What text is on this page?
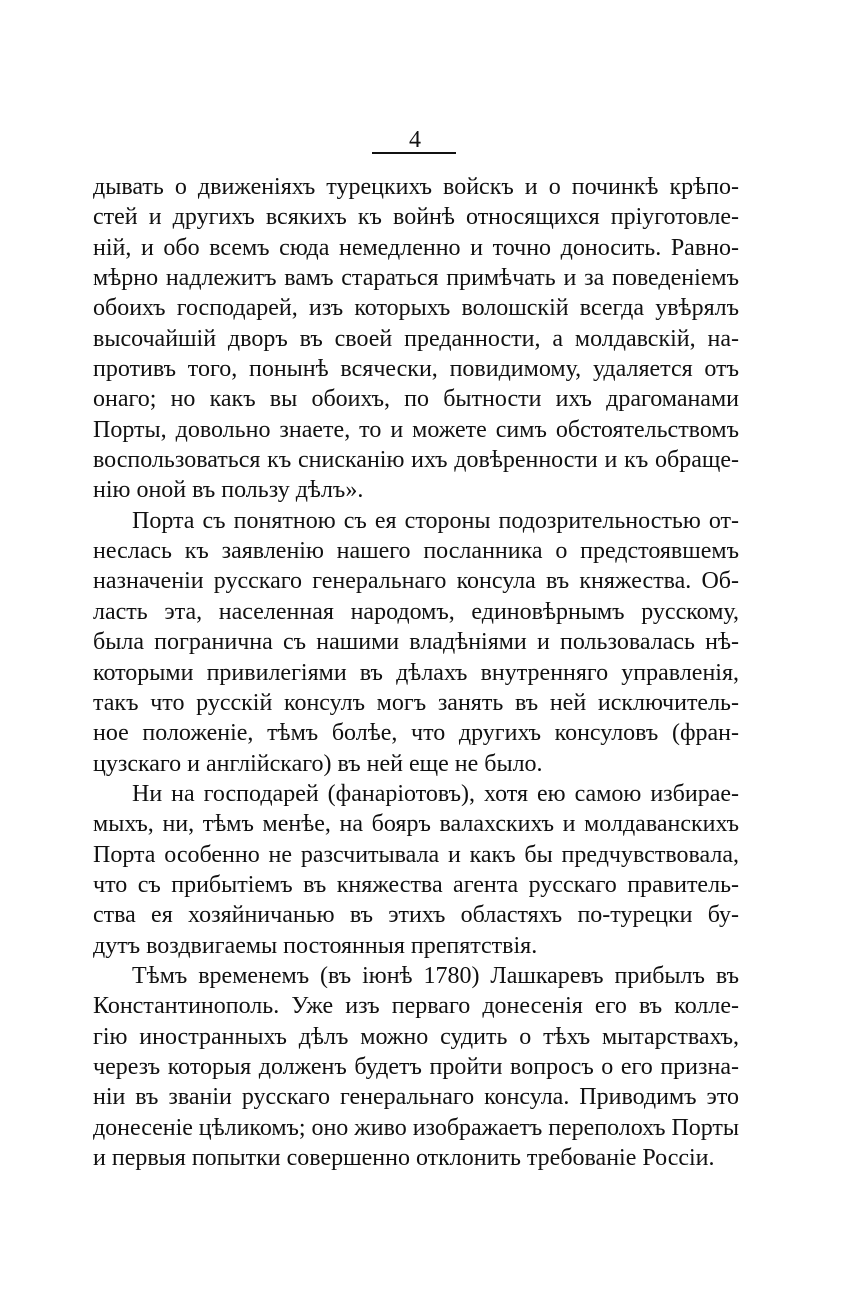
4
дывать о движенiяхъ турецкихъ войскъ и о починкѣ крѣпо-
стей и другихъ всякихъ къ войнѣ относящихся прiуготовле-
нiй, и обо всемъ сюда немедленно и точно доносить. Равно-
мѣрно надлежитъ вамъ стараться примѣчать и за поведенiемъ
обоихъ господарей, изъ которыхъ волошскiй всегда увѣрялъ
высочайшiй дворъ въ своей преданности, а молдавскiй, на-
противъ того, понынѣ всячески, повидимому, удаляется отъ
онаго; но какъ вы обоихъ, по бытности ихъ драгоманами
Порты, довольно знаете, то и можете симъ обстоятельствомъ
воспользоваться къ снисканiю ихъ довѣренности и къ обраще-
нiю оной въ пользу дѣлъ».
Порта съ понятною съ ея стороны подозрительностью от-
неслась къ заявленiю нашего посланника о предстоявшемъ
назначенiи русскаго генеральнаго консула въ княжества. Об-
ласть эта, населенная народомъ, единовѣрнымъ русскому,
была погранична съ нашими владѣнiями и пользовалась нѣ-
которыми привилегiями въ дѣлахъ внутренняго управленiя,
такъ что русскiй консулъ могъ занять въ ней исключитель-
ное положенiе, тѣмъ болѣе, что другихъ консуловъ (фран-
цузскаго и англiйскаго) въ ней еще не было.
Ни на господарей (фанарiотовъ), хотя ею самою избирае-
мыхъ, ни, тѣмъ менѣе, на бояръ валахскихъ и молдаванскихъ
Порта особенно не разсчитывала и какъ бы предчувствовала,
что съ прибытiемъ въ княжества агента русскаго правитель-
ства ея хозяйничанью въ этихъ областяхъ по-турецки бу-
дутъ воздвигаемы постоянныя препятствiя.
Тѣмъ временемъ (въ iюнѣ 1780) Лашкаревъ прибылъ въ
Константинополь. Уже изъ перваго донесенiя его въ колле-
гiю иностранныхъ дѣлъ можно судить о тѣхъ мытарствахъ,
черезъ которыя долженъ будетъ пройти вопросъ о его призна-
нiи въ званiи русскаго генеральнаго консула. Приводимъ это
донесенiе цѣликомъ; оно живо изображаетъ переполохъ Порты
и первыя попытки совершенно отклонить требованiе Россiи.
